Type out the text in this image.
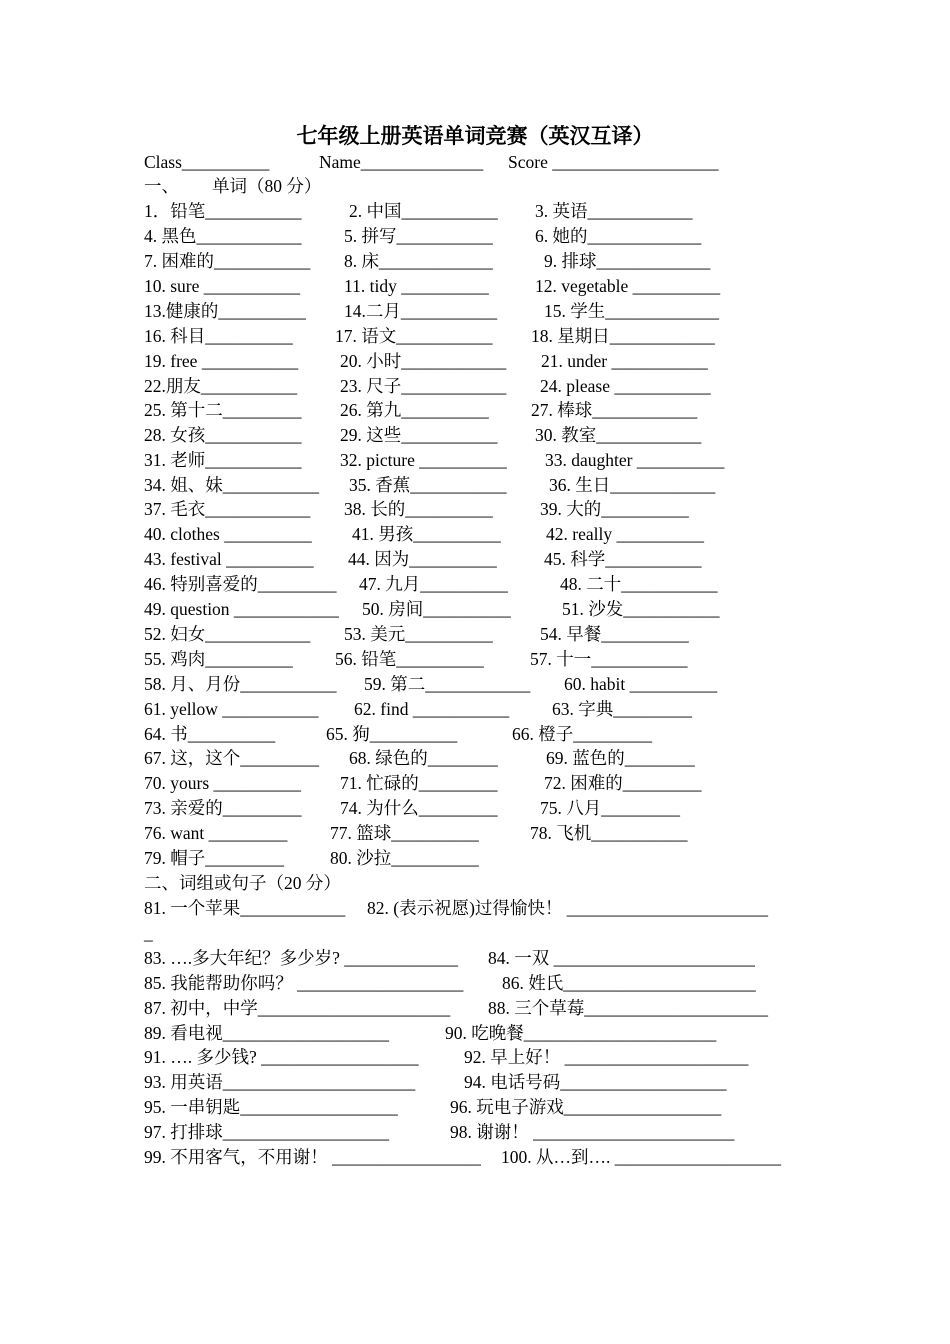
七年级上册英语单词竞赛（英汉互译）
Class__________	Name______________ Score ___________________
一、 单词（80 分）
1．铅笔___________	2. 中国___________ 3. 英语____________
4. 黑色____________ 5. 拼写___________ 6. 她的_____________
7. 困难的___________ 8. 床_____________	9. 排球_____________
10. sure ___________	11. tidy __________	12. vegetable __________
13.健康的__________ 14.二月___________	15. 学生_____________
16. 科目__________ 17. 语文___________ 18. 星期日____________
19. free ___________ 20. 小时____________ 21. under ___________
22.朋友___________ 23. 尺子____________ 24. please ___________
25. 第十二_________ 26. 第九__________ 27. 棒球____________
28. 女孩___________ 29. 这些___________ 30. 教室____________
31. 老师___________ 32. picture __________ 33. daughter __________
34. 姐、妹___________ 35. 香蕉___________ 36. 生日____________
37. 毛衣____________ 38. 长的__________	39. 大的__________
40. clothes __________ 41. 男孩__________	42. really __________
43. festival __________ 44. 因为__________	45. 科学___________
46. 特别喜爱的_________ 47. 九月__________	48. 二十___________
49. question ____________ 50. 房间__________	51. 沙发___________
52. 妇女____________ 53. 美元__________	54. 早餐__________
55. 鸡肉__________ 56. 铅笔__________	57. 十一___________
58. 月、月份___________ 59. 第二____________ 60. habit __________
61. yellow ___________ 62. find ___________ 63. 字典_________
64. 书__________	65. 狗__________	66. 橙子_________
67. 这，这个_________ 68. 绿色的________	69. 蓝色的________
70. yours __________ 71. 忙碌的_________	72. 困难的_________
73. 亲爱的_________ 74. 为什么_________ 75. 八月_________
76. want _________ 77. 篮球__________	78. 飞机___________
79. 帽子_________	80. 沙拉__________
二、词组或句子（20 分）
81. 一个苹果____________ 82. (表示祝愿)过得愉快！ _______________________
_
83. ….多大年纪？多少岁? _____________ 84. 一双 _______________________
85. 我能帮助你吗？ ___________________ 86. 姓氏______________________
87. 初中，中学______________________ 88. 三个草莓_____________________
89. 看电视___________________	90. 吃晚餐______________________
91. …. 多少钱? __________________	92. 早上好！ _____________________
93. 用英语______________________	94. 电话号码___________________
95. 一串钥匙__________________	96. 玩电子游戏__________________
97. 打排球___________________	98. 谢谢！ _______________________
99. 不用客气，不用谢！ _________________ 100. 从…到…. ___________________
